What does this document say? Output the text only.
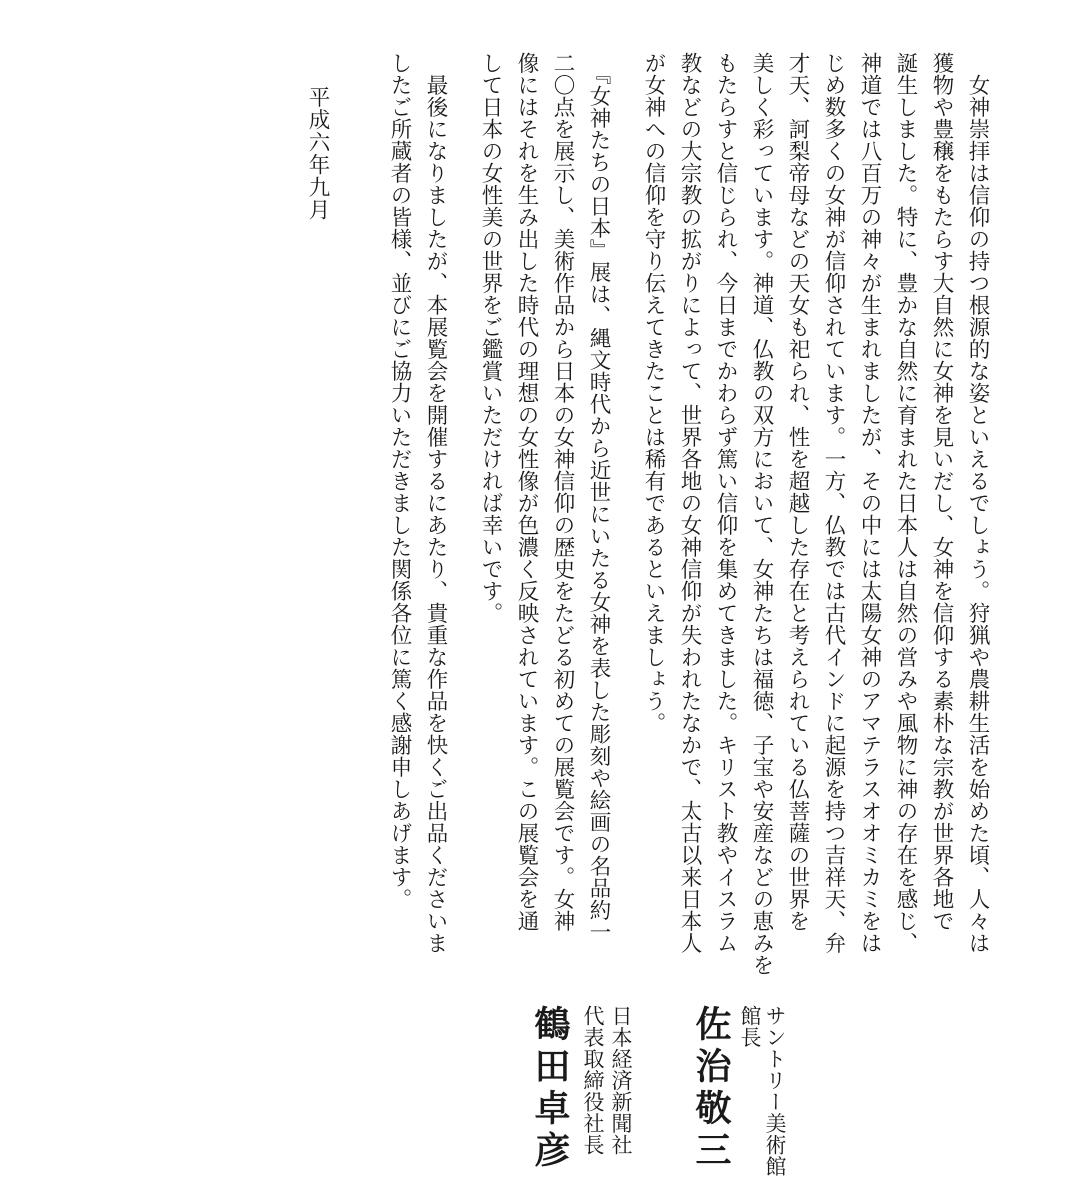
　女神崇拝は信仰の持つ根源的な姿といえるでしょう。狩猟や農耕生活を始めた頃、人々は

獲物や豊穣をもたらす大自然に女神を見いだし、女神を信仰する素朴な宗教が世界各地で

誕生しました。特に、豊かな自然に育まれた日本人は自然の営みや風物に神の存在を感じ、

神道では八百万の神々が生まれましたが、その中には太陽女神のアマテラスオオミカミをは

じめ数多くの女神が信仰されています。一方、仏教では古代インドに起源を持つ吉祥天、弁

才天、訶梨帝母などの天女も祀られ、性を超越した存在と考えられている仏菩薩の世界を

美しく彩っています。神道、仏教の双方において、女神たちは福徳、子宝や安産などの恵みを

もたらすと信じられ、今日までかわらず篤い信仰を集めてきました。キリスト教やイスラム

教などの大宗教の拡がりによって、世界各地の女神信仰が失われたなかで、太古以来日本人

が女神への信仰を守り伝えてきたことは稀有であるといえましょう。

　『女神たちの日本』展は、縄文時代から近世にいたる女神を表した彫刻や絵画の名品約一

二〇点を展示し、美術作品から日本の女神信仰の歴史をたどる初めての展覧会です。女神

像にはそれを生み出した時代の理想の女性像が色濃く反映されています。この展覧会を通

して日本の女性美の世界をご鑑賞いただければ幸いです。

　最後になりましたが、本展覧会を開催するにあたり、貴重な作品を快くご出品くださいま

したご所蔵者の皆様、並びにご協力いただきました関係各位に篤く感謝申しあげます。

平成六年九月

サントリー美術館

館長

佐治敬三

日本経済新聞社

代表取締役社長

鶴田卓彦
